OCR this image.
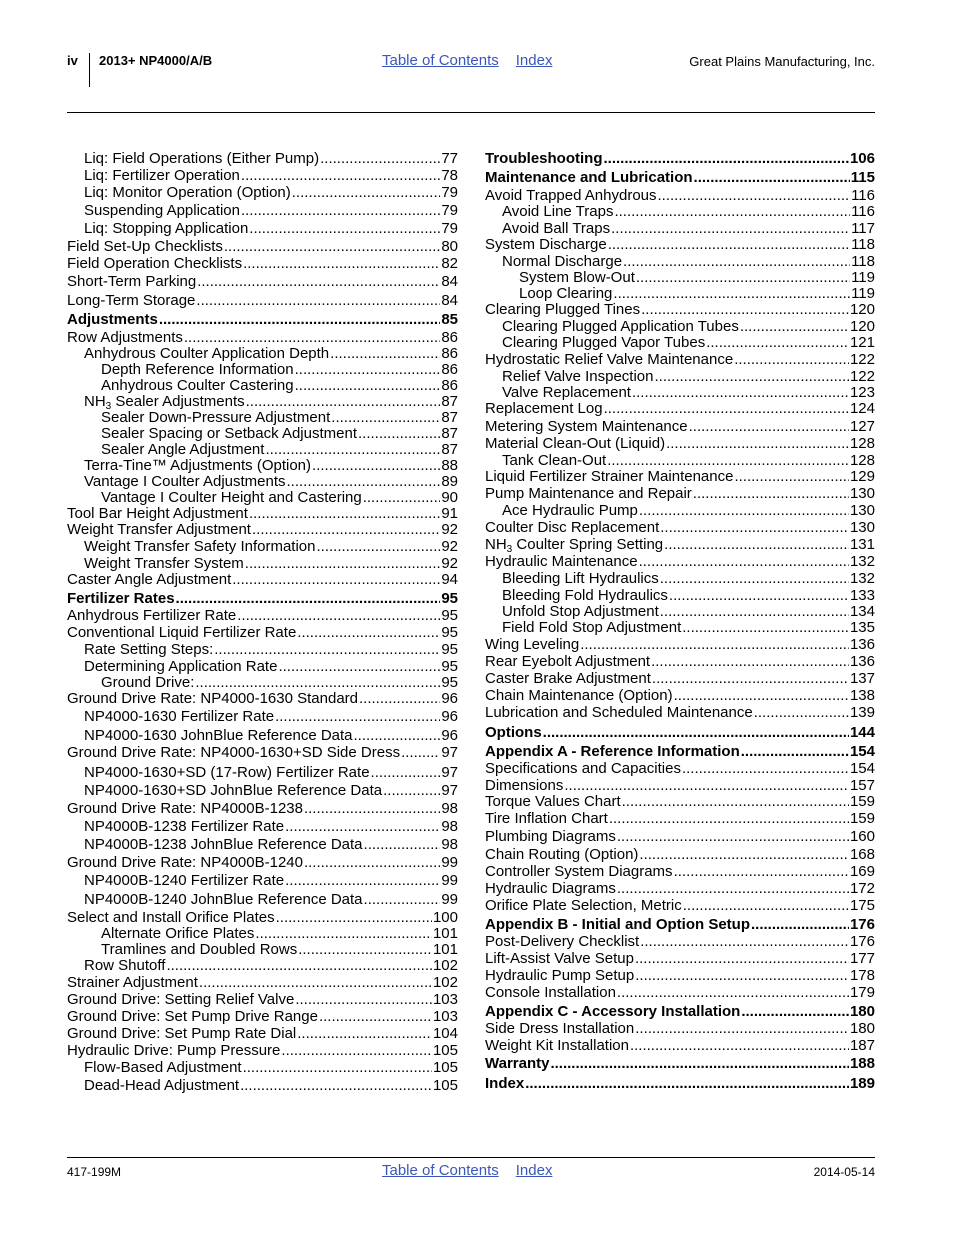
iv 2013+ NP4000/A/B	Table of Contents Index	Great Plains Manufacturing, Inc.
Liq: Field Operations (Either Pump) .....	77
Liq: Fertilizer Operation .....	78
Liq: Monitor Operation (Option) .....	79
Suspending Application .....	79
Liq: Stopping Application .....	79
Field Set-Up Checklists .....	80
Field Operation Checklists .....	82
Short-Term Parking .....	84
Long-Term Storage .....	84
Adjustments .....	85
Row Adjustments .....	86
Anhydrous Coulter Application Depth .....	86
Depth Reference Information .....	86
Anhydrous Coulter Castering .....	86
$NH_3$ Sealer Adjustments .....	87
Sealer Down-Pressure Adjustment .....	87
Sealer Spacing or Setback Adjustment .....	87
Sealer Angle Adjustment .....	87
Terra-Tine™ Adjustments (Option) .....	88
Vantage I Coulter Adjustments .....	89
Vantage I Coulter Height and Castering .....	90
Tool Bar Height Adjustment .....	91
Weight Transfer Adjustment .....	92
Weight Transfer Safety Information .....	92
Weight Transfer System .....	92
Caster Angle Adjustment .....	94
Fertilizer Rates .....	95
Anhydrous Fertilizer Rate .....	95
Conventional Liquid Fertilizer Rate .....	95
Rate Setting Steps: .....	95
Determining Application Rate .....	95
Ground Drive: .....	95
Ground Drive Rate: NP4000-1630 Standard .....	96
NP4000-1630 Fertilizer Rate .....	96
NP4000-1630 JohnBlue Reference Data .....	96
Ground Drive Rate: NP4000-1630+SD Side Dress .....	97
NP4000-1630+SD (17-Row) Fertilizer Rate .....	97
NP4000-1630+SD JohnBlue Reference Data .....	97
Ground Drive Rate: NP4000B-1238 .....	98
NP4000B-1238 Fertilizer Rate .....	98
NP4000B-1238 JohnBlue Reference Data .....	98
Ground Drive Rate: NP4000B-1240 .....	99
NP4000B-1240 Fertilizer Rate .....	99
NP4000B-1240 JohnBlue Reference Data .....	99
Select and Install Orifice Plates .....	100
Alternate Orifice Plates .....	101
Tramlines and Doubled Rows .....	101
Row Shutoff .....	102
Strainer Adjustment .....	102
Ground Drive: Setting Relief Valve .....	103
Ground Drive: Set Pump Drive Range .....	103
Ground Drive: Set Pump Rate Dial .....	104
Hydraulic Drive: Pump Pressure .....	105
Flow-Based Adjustment .....	105
Dead-Head Adjustment .....	105
Troubleshooting .....	106
Maintenance and Lubrication .....	115
Avoid Trapped Anhydrous .....	116
Avoid Line Traps .....	116
Avoid Ball Traps .....	117
System Discharge .....	118
Normal Discharge .....	118
System Blow-Out .....	119
Loop Clearing .....	119
Clearing Plugged Tines .....	120
Clearing Plugged Application Tubes .....	120
Clearing Plugged Vapor Tubes .....	121
Hydrostatic Relief Valve Maintenance .....	122
Relief Valve Inspection .....	122
Valve Replacement .....	123
Replacement Log .....	124
Metering System Maintenance .....	127
Material Clean-Out (Liquid) .....	128
Tank Clean-Out .....	128
Liquid Fertilizer Strainer Maintenance .....	129
Pump Maintenance and Repair .....	130
Ace Hydraulic Pump .....	130
Coulter Disc Replacement .....	130
$NH_3$ Coulter Spring Setting .....	131
Hydraulic Maintenance .....	132
Bleeding Lift Hydraulics .....	132
Bleeding Fold Hydraulics .....	133
Unfold Stop Adjustment .....	134
Field Fold Stop Adjustment .....	135
Wing Leveling .....	136
Rear Eyebolt Adjustment .....	136
Caster Brake Adjustment .....	137
Chain Maintenance (Option) .....	138
Lubrication and Scheduled Maintenance .....	139
Options .....	144
Appendix A - Reference Information .....	154
Specifications and Capacities .....	154
Dimensions .....	157
Torque Values Chart .....	159
Tire Inflation Chart .....	159
Plumbing Diagrams .....	160
Chain Routing (Option) .....	168
Controller System Diagrams .....	169
Hydraulic Diagrams .....	172
Orifice Plate Selection, Metric .....	175
Appendix B - Initial and Option Setup .....	176
Post-Delivery Checklist .....	176
Lift-Assist Valve Setup .....	177
Hydraulic Pump Setup .....	178
Console Installation .....	179
Appendix C - Accessory Installation .....	180
Side Dress Installation .....	180
Weight Kit Installation .....	187
Warranty .....	188
Index .....	189
417-199M	Table of Contents Index	2014-05-14
